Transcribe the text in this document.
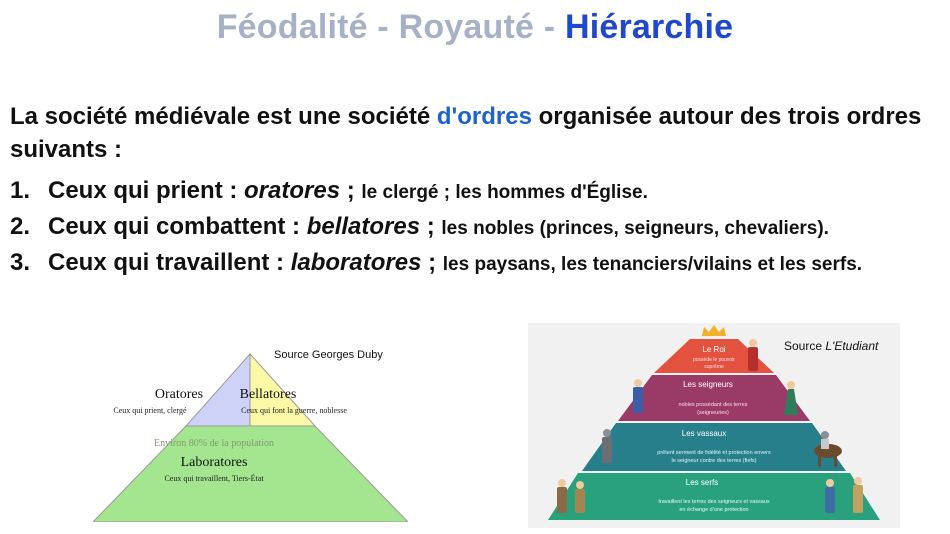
Féodalité - Royauté - Hiérarchie
La société médiévale est une société d'ordres organisée autour des trois ordres suivants :
1. Ceux qui prient : oratores ; le clergé ; les hommes d'Église.
2. Ceux qui combattent : bellatores ; les nobles (princes, seigneurs, chevaliers).
3. Ceux qui travaillent : laboratores ; les paysans, les tenanciers/vilains et les serfs.
Source Georges Duby
Oratores
Ceux qui prient, clergé
Bellatores
Ceux qui font la guerre, noblesse
Environ 80% de la population
Laboratores
Ceux qui travaillent, Tiers-État
Le Roi
possède le pouvoir
suprême
Les seigneurs
nobles possédant des terres
(seigneuries)
Les vassaux
prêtent serment de fidélité et protection envers
le seigneur contre des terres (fiefs)
Les serfs
travaillent les terres des seigneurs et vassaux
en échange d'une protection
Source L'Etudiant
